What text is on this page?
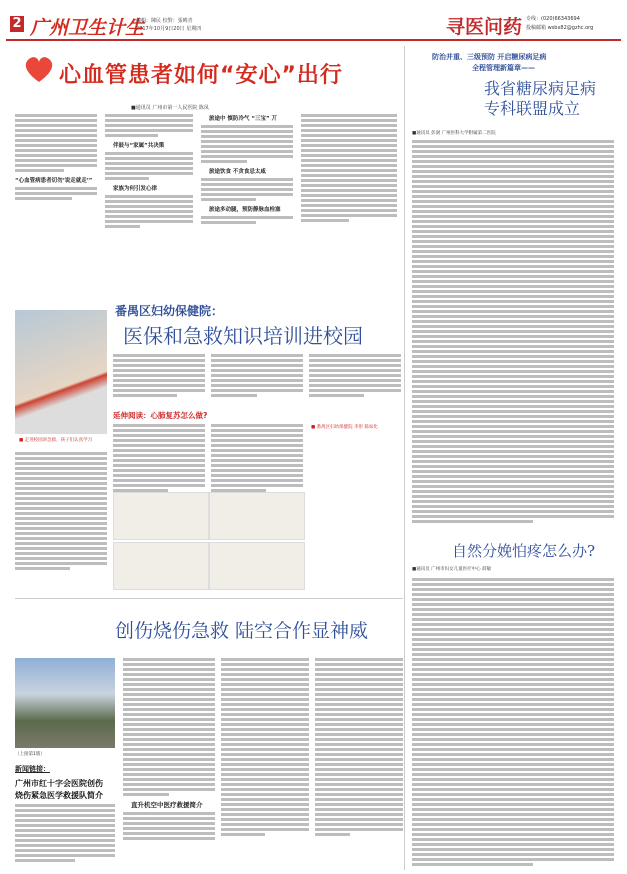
2 广州卫生计生
編輯：陳民 校對：張曉青
2017年10月9日20日 星期四	寻医问药 专线：(020)66343694
投稿邮箱 wsbx82@gzhc.org
心血管患者如何“安心”出行
■通讯员 广州市第一人民医院 陈凤
“心血管病患者切勿‘说走就走’”
伴鼓与“家属”共决策
家族为何引发心律
旅途中 慎防冷气 “三宝” 丌
旅途饮食 不贪食忌太咸
旅途多动腿，预防静脉血栓塞
防治并重、三级预防 开启糖尿病足病
全程管理新篇章——
我省糖尿病足病
专科联盟成立
■通讯员 彭澍 广州医科大学附属第二医院
■ 走进校园讲急救，孩子们认真学习
番禺区妇幼保健院：
医保和急救知识培训进校园
延伸阅读：心肺复苏怎么做?
■ 番禺区妇幼保健院 李彤 陈如化
自然分娩怕疼怎么办?
■通讯员 广州市妇女儿童医疗中心 薛敏
创伤烧伤急救 陆空合作显神威
（上接第1版）
新闻链接：
广州市红十字会医院创伤
烧伤紧急医学救援队简介
直升机空中医疗救援简介
